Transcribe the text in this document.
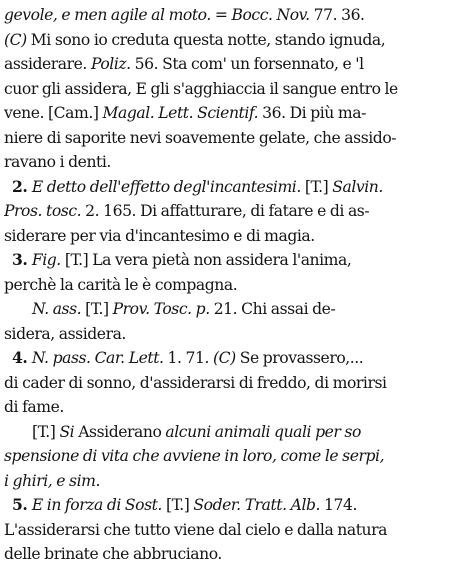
gevole, e men agile al moto. = Bocc. Nov. 77. 36.
(C) Mi sono io creduta questa notte, stando ignuda,
assiderare. Poliz. 56. Sta com' un forsennato, e 'l
cuor gli assidera, E gli s'agghiaccia il sangue entro le
vene. [Cam.] Magal. Lett. Scientif. 36. Di più ma-
niere di saporite nevi soavemente gelate, che assido-
ravano i denti.
2. E detto dell'effetto degl'incantesimi. [T.] Salvin.
Pros. tosc. 2. 165. Di affatturare, di fatare e di as-
siderare per via d'incantesimo e di magia.
3. Fig. [T.] La vera pietà non assidera l'anima,
perchè la carità le è compagna.
N. ass. [T.] Prov. Tosc. p. 21. Chi assai de-
sidera, assidera.
4. N. pass. Car. Lett. 1. 71. (C) Se provassero,...
di cader di sonno, d'assiderarsi di freddo, di morirsi
di fame.
[T.] Si Assiderano alcuni animali quali per so
spensione di vita che avviene in loro, come le serpi,
i ghiri, e sim.
5. E in forza di Sost. [T.] Soder. Tratt. Alb. 174.
L'assiderarsi che tutto viene dal cielo e dalla natura
delle brinate che abbruciano.
